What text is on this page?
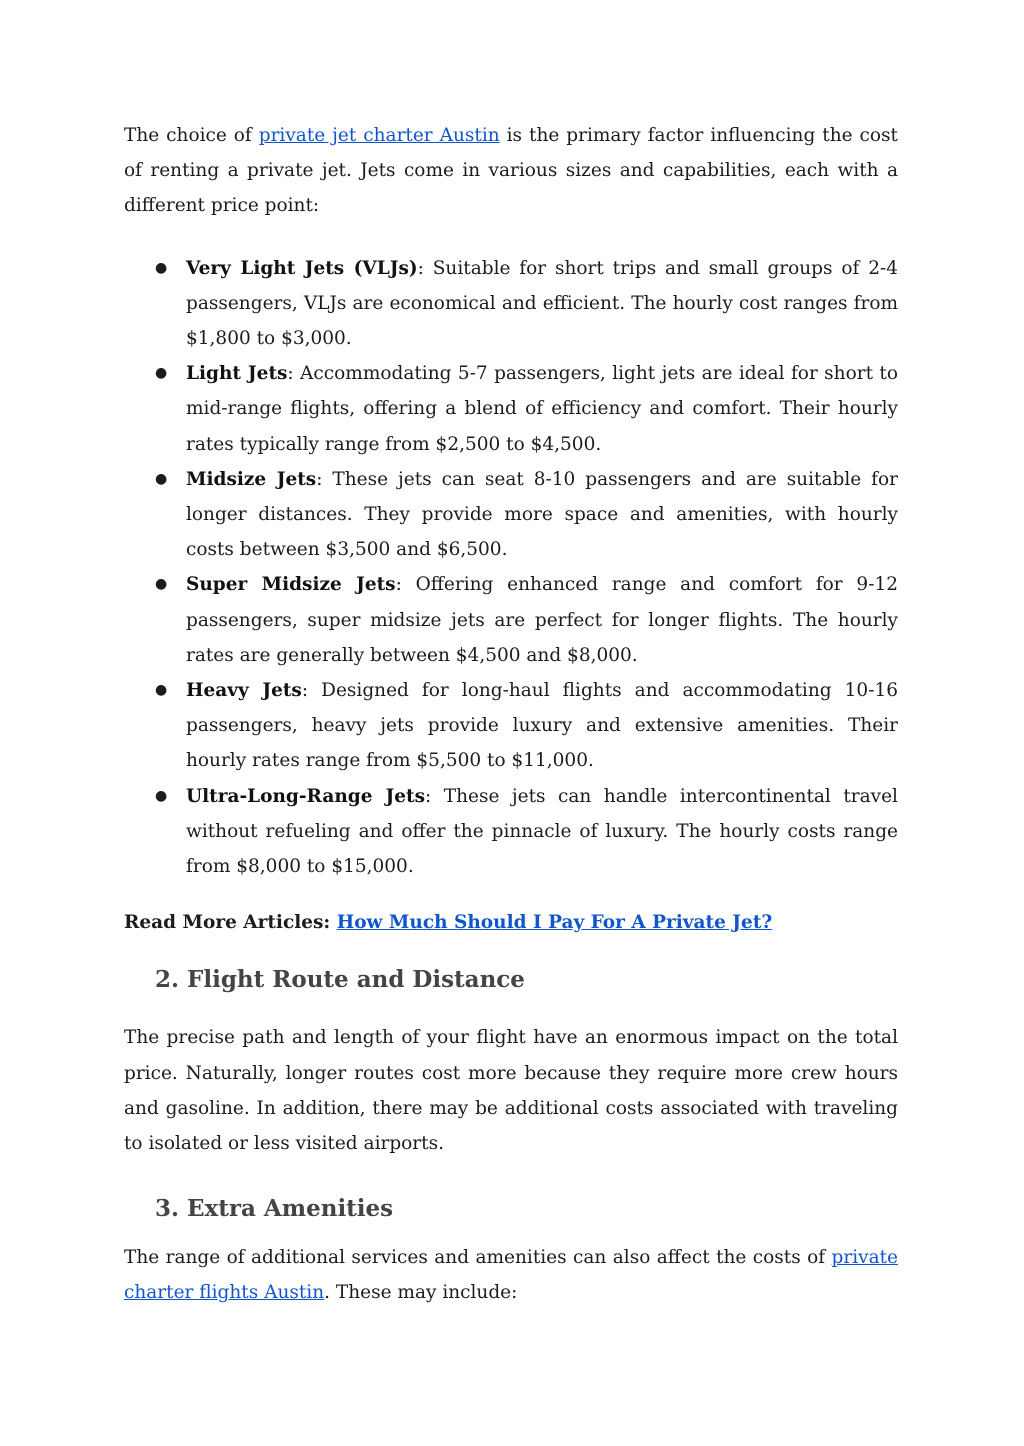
The choice of private jet charter Austin is the primary factor influencing the cost of renting a private jet. Jets come in various sizes and capabilities, each with a different price point:

● Very Light Jets (VLJs): Suitable for short trips and small groups of 2-4 passengers, VLJs are economical and efficient. The hourly cost ranges from $1,800 to $3,000.
● Light Jets: Accommodating 5-7 passengers, light jets are ideal for short to mid-range flights, offering a blend of efficiency and comfort. Their hourly rates typically range from $2,500 to $4,500.
● Midsize Jets: These jets can seat 8-10 passengers and are suitable for longer distances. They provide more space and amenities, with hourly costs between $3,500 and $6,500.
● Super Midsize Jets: Offering enhanced range and comfort for 9-12 passengers, super midsize jets are perfect for longer flights. The hourly rates are generally between $4,500 and $8,000.
● Heavy Jets: Designed for long-haul flights and accommodating 10-16 passengers, heavy jets provide luxury and extensive amenities. Their hourly rates range from $5,500 to $11,000.
● Ultra-Long-Range Jets: These jets can handle intercontinental travel without refueling and offer the pinnacle of luxury. The hourly costs range from $8,000 to $15,000.

Read More Articles: How Much Should I Pay For A Private Jet?

2. Flight Route and Distance

The precise path and length of your flight have an enormous impact on the total price. Naturally, longer routes cost more because they require more crew hours and gasoline. In addition, there may be additional costs associated with traveling to isolated or less visited airports.

3. Extra Amenities

The range of additional services and amenities can also affect the costs of private charter flights Austin. These may include:
